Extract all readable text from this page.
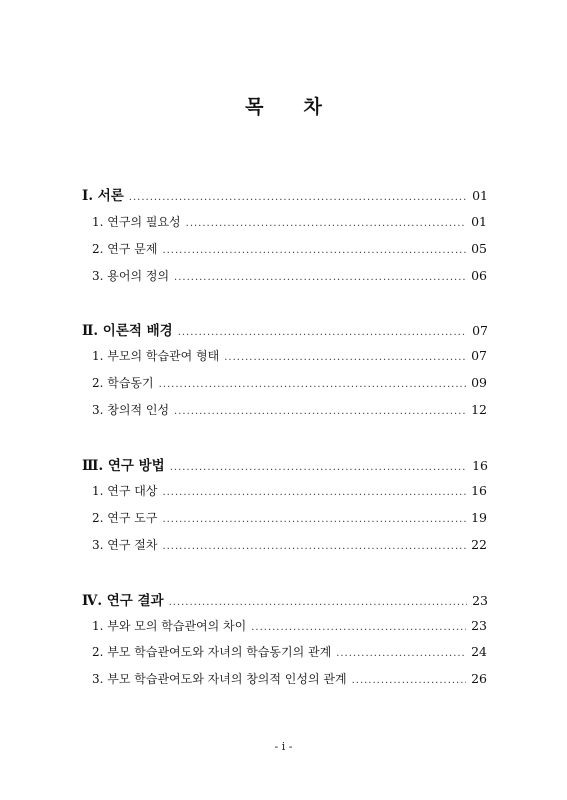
목 차
Ⅰ. 서론 .....	01
1. 연구의 필요성 .....	01
2. 연구 문제 .....	05
3. 용어의 정의 .....	06
Ⅱ. 이론적 배경 .....	07
1. 부모의 학습관여 형태 .....	07
2. 학습동기 .....	09
3. 창의적 인성 .....	12
Ⅲ. 연구 방법 .....	16
1. 연구 대상 .....	16
2. 연구 도구 .....	19
3. 연구 절차 .....	22
Ⅳ. 연구 결과 .....	23
1. 부와 모의 학습관여의 차이 .....	23
2. 부모 학습관여도와 자녀의 학습동기의 관계 .....	24
3. 부모 학습관여도와 자녀의 창의적 인성의 관계 .....	26
- i -
